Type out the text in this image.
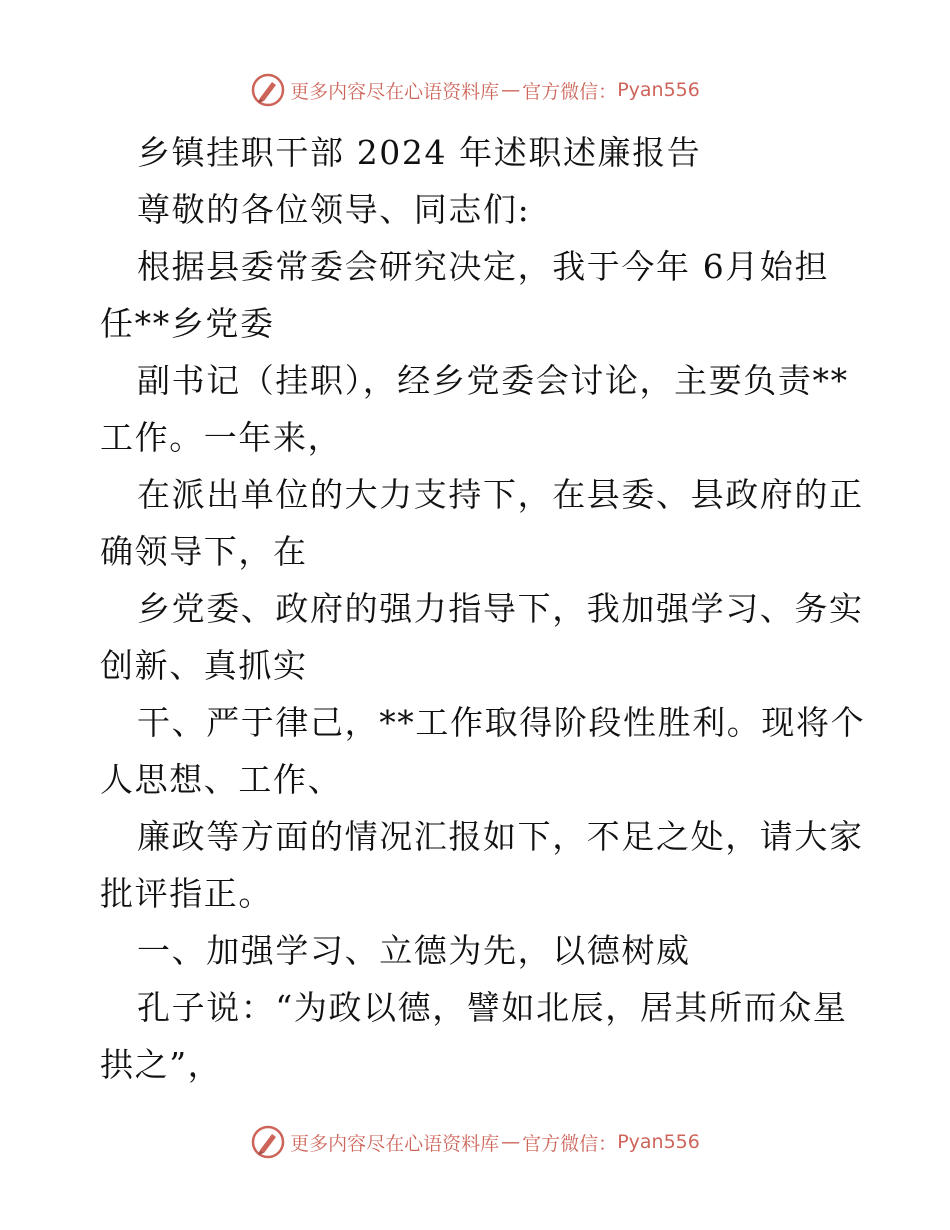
更多内容尽在心语资料库 — 官方微信： Pyan556
乡镇挂职干部 2024 年述职述廉报告
尊敬的各位领导、同志们:
根据县委常委会研究决定，我于今年 6月始担
任**乡党委
副书记（挂职），经乡党委会讨论，主要负责**
工作。一年来，
在派出单位的大力支持下，在县委、县政府的正
确领导下，在
乡党委、政府的强力指导下，我加强学习、务实
创新、真抓实
干、严于律己，**工作取得阶段性胜利。现将个
人思想、工作、
廉政等方面的情况汇报如下，不足之处，请大家
批评指正。
一、加强学习、立德为先，以德树威
孔子说：“为政以德，譬如北辰，居其所而众星
拱之”，
更多内容尽在心语资料库 — 官方微信： Pyan556
